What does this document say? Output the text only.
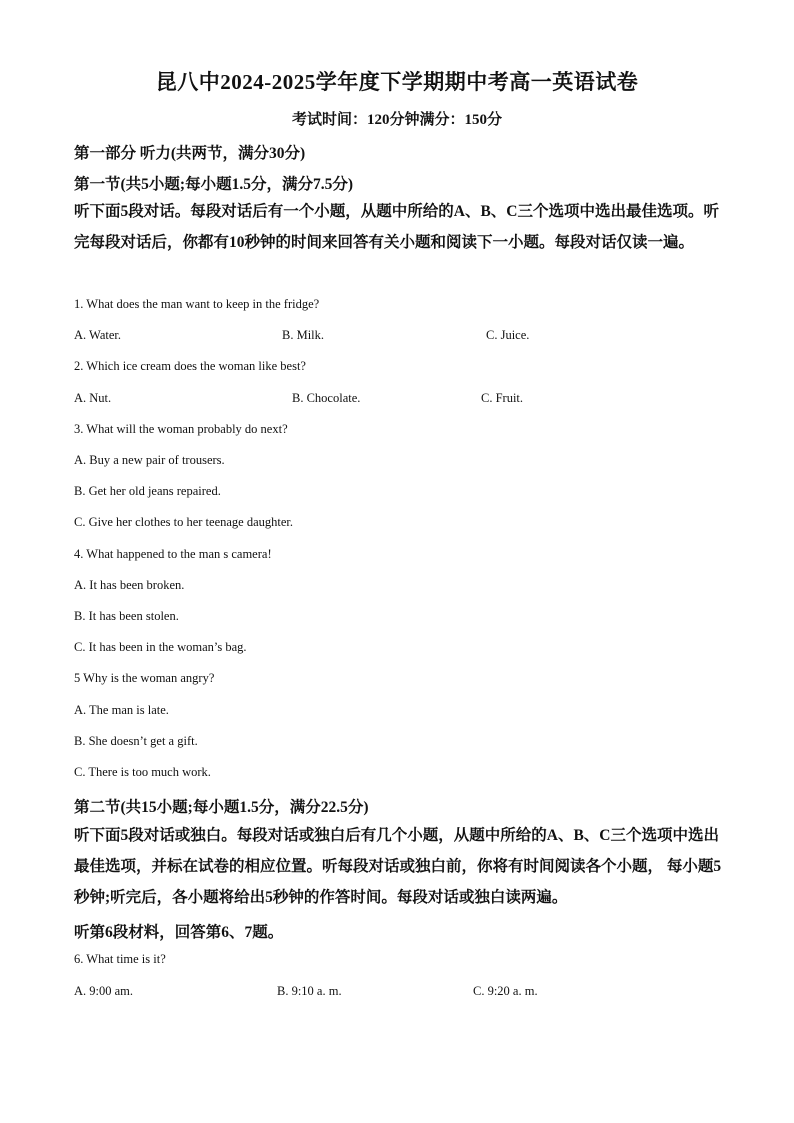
昆八中2024-2025学年度下学期期中考高一英语试卷
考试时间：120分钟满分：150分
第一部分 听力(共两节，满分30分)
第一节(共5小题;每小题1.5分，满分7.5分)
听下面5段对话。每段对话后有一个小题，从题中所给的A、B、C三个选项中选出最佳选项。听完每段对话后，你都有10秒钟的时间来回答有关小题和阅读下一小题。每段对话仅读一遍。
1. What does the man want to keep in the fridge?
A. Water.	B. Milk.	C. Juice.
2. Which ice cream does the woman like best?
A. Nut.	B. Chocolate.	C. Fruit.
3. What will the woman probably do next?
A. Buy a new pair of trousers.
B. Get her old jeans repaired.
C. Give her clothes to her teenage daughter.
4. What happened to the man s camera!
A. It has been broken.
B. It has been stolen.
C. It has been in the woman’s bag.
5 Why is the woman angry?
A. The man is late.
B. She doesn’t get a gift.
C. There is too much work.
第二节(共15小题;每小题1.5分，满分22.5分)
听下面5段对话或独白。每段对话或独白后有几个小题，从题中所给的A、B、C三个选项中选出最佳选项，并标在试卷的相应位置。听每段对话或独白前，你将有时间阅读各个小题， 每小题5秒钟;听完后，各小题将给出5秒钟的作答时间。每段对话或独白读两遍。
听第6段材料，回答第6、7题。
6. What time is it?
A. 9:00 am.	B. 9:10 a. m.	C. 9:20 a. m.
